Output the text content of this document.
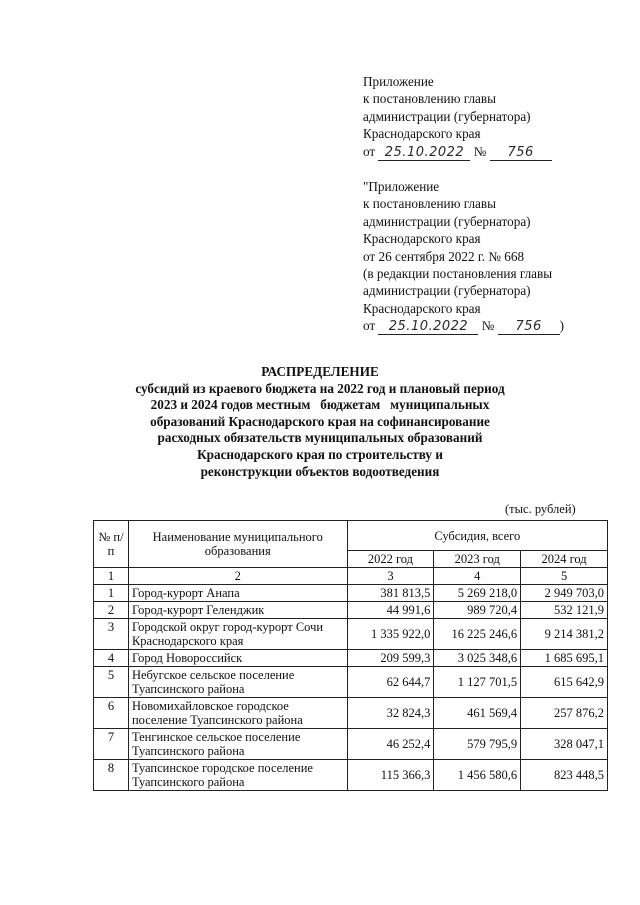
Приложение
к постановлению главы
администрации (губернатора)
Краснодарского края
от 25.10.2022 № 756
"Приложение
к постановлению главы
администрации (губернатора)
Краснодарского края
от 26 сентября 2022 г. № 668
(в редакции постановления главы
администрации (губернатора)
Краснодарского края
от 25.10.2022 № 756 )
РАСПРЕДЕЛЕНИЕ
субсидий из краевого бюджета на 2022 год и плановый период
2023 и 2024 годов местным   бюджетам   муниципальных
образований Краснодарского края на софинансирование
расходных обязательств муниципальных образований
Краснодарского края по строительству и
реконструкции объектов водоотведения
(тыс. рублей)
№ п/п	Наименование муниципального образования	Субсидия, всего		
		2022 год	2023 год	2024 год
1	2	3	4	5
1	Город-курорт Анапа	381 813,5	5 269 218,0	2 949 703,0
2	Город-курорт Геленджик	44 991,6	989 720,4	532 121,9
3	Городской округ город-курорт Сочи Краснодарского края	1 335 922,0	16 225 246,6	9 214 381,2
4	Город Новороссийск	209 599,3	3 025 348,6	1 685 695,1
5	Небугское сельское поселение Туапсинского района	62 644,7	1 127 701,5	615 642,9
6	Новомихайловское городское поселение Туапсинского района	32 824,3	461 569,4	257 876,2
7	Тенгинское сельское поселение Туапсинского района	46 252,4	579 795,9	328 047,1
8	Туапсинское городское поселение Туапсинского района	115 366,3	1 456 580,6	823 448,5
